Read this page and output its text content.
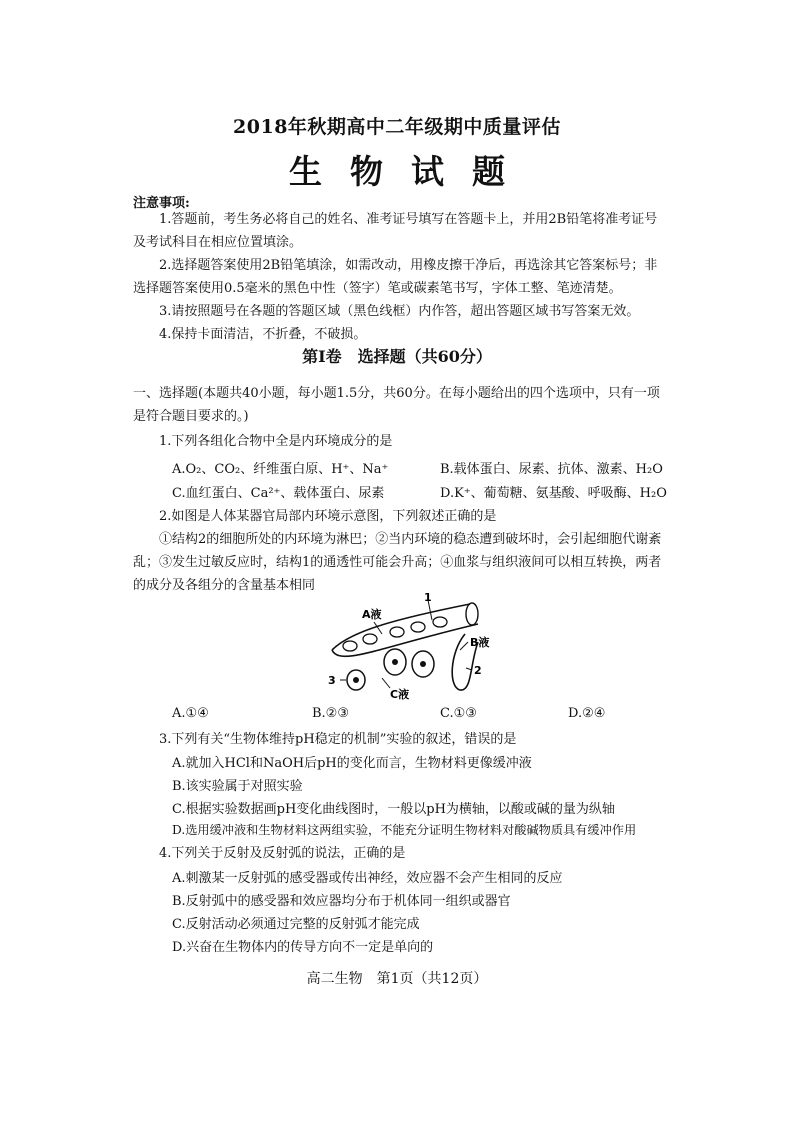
2018年秋期高中二年级期中质量评估
生物试题
注意事项:

1.答题前，考生务必将自己的姓名、准考证号填写在答题卡上，并用2B铅笔将准考证号及考试科目在相应位置填涂。

2.选择题答案使用2B铅笔填涂，如需改动，用橡皮擦干净后，再选涂其它答案标号；非选择题答案使用0.5毫米的黑色中性（签字）笔或碳素笔书写，字体工整、笔迹清楚。

3.请按照题号在各题的答题区域（黑色线框）内作答，超出答题区域书写答案无效。

4.保持卡面清洁，不折叠，不破损。

第Ⅰ卷　选择题（共60分）

一、选择题(本题共40小题，每小题1.5分，共60分。在每小题给出的四个选项中，只有一项是符合题目要求的。)

1.下列各组化合物中全是内环境成分的是

A.O₂、CO₂、纤维蛋白原、H⁺、Na⁺	B.载体蛋白、尿素、抗体、激素、H₂O
C.血红蛋白、Ca²⁺、载体蛋白、尿素	D.K⁺、葡萄糖、氨基酸、呼吸酶、H₂O

2.如图是人体某器官局部内环境示意图，下列叙述正确的是

①结构2的细胞所处的内环境为淋巴；②当内环境的稳态遭到破坏时，会引起细胞代谢紊乱；③发生过敏反应时，结构1的通透性可能会升高；④血浆与组织液间可以相互转换，两者的成分及各组分的含量基本相同

1
A液
B液
2
3
C液
A.①④	B.②③	C.①③	D.②④

3.下列有关“生物体维持pH稳定的机制”实验的叙述，错误的是

A.就加入HCl和NaOH后pH的变化而言，生物材料更像缓冲液
B.该实验属于对照实验
C.根据实验数据画pH变化曲线图时，一般以pH为横轴，以酸或碱的量为纵轴
D.选用缓冲液和生物材料这两组实验，不能充分证明生物材料对酸碱物质具有缓冲作用

4.下列关于反射及反射弧的说法，正确的是

A.刺激某一反射弧的感受器或传出神经，效应器不会产生相同的反应
B.反射弧中的感受器和效应器均分布于机体同一组织或器官
C.反射活动必须通过完整的反射弧才能完成
D.兴奋在生物体内的传导方向不一定是单向的
高二生物　第1页（共12页）
